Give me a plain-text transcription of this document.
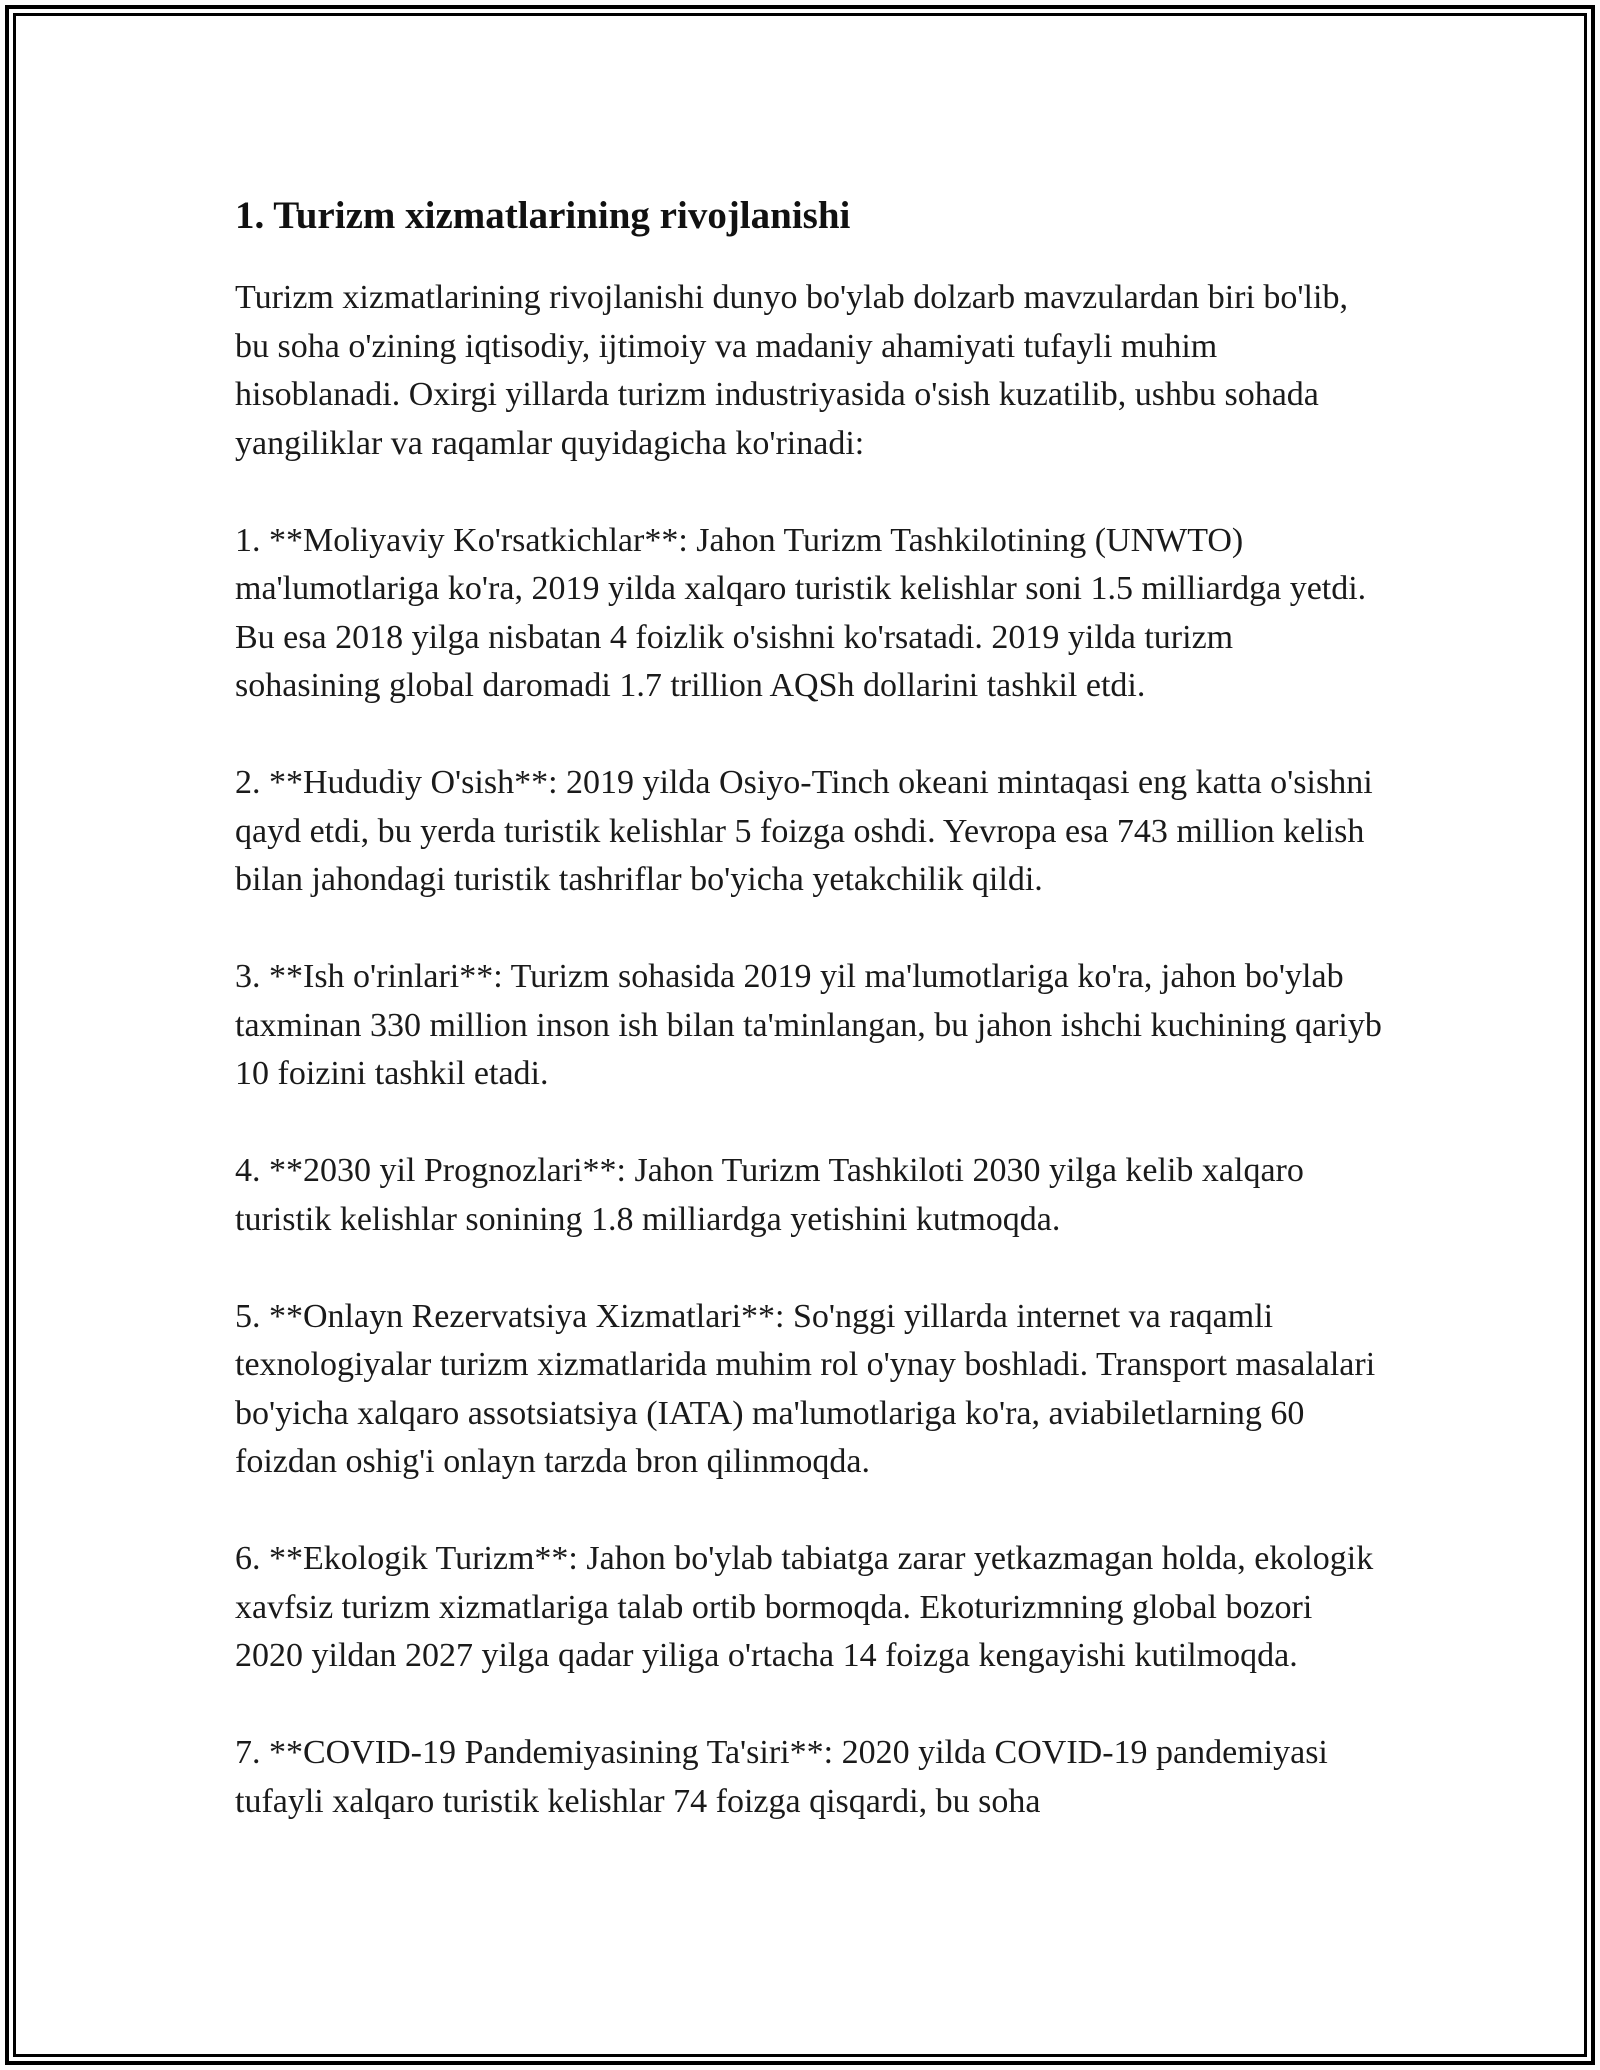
1. Turizm xizmatlarining rivojlanishi

Turizm xizmatlarining rivojlanishi dunyo bo'ylab dolzarb mavzulardan biri bo'lib, bu soha o'zining iqtisodiy, ijtimoiy va madaniy ahamiyati tufayli muhim hisoblanadi. Oxirgi yillarda turizm industriyasida o'sish kuzatilib, ushbu sohada yangiliklar va raqamlar quyidagicha ko'rinadi:

1. **Moliyaviy Ko'rsatkichlar**: Jahon Turizm Tashkilotining (UNWTO) ma'lumotlariga ko'ra, 2019 yilda xalqaro turistik kelishlar soni 1.5 milliardga yetdi. Bu esa 2018 yilga nisbatan 4 foizlik o'sishni ko'rsatadi. 2019 yilda turizm sohasining global daromadi 1.7 trillion AQSh dollarini tashkil etdi.

2. **Hududiy O'sish**: 2019 yilda Osiyo-Tinch okeani mintaqasi eng katta o'sishni qayd etdi, bu yerda turistik kelishlar 5 foizga oshdi. Yevropa esa 743 million kelish bilan jahondagi turistik tashriflar bo'yicha yetakchilik qildi.

3. **Ish o'rinlari**: Turizm sohasida 2019 yil ma'lumotlariga ko'ra, jahon bo'ylab taxminan 330 million inson ish bilan ta'minlangan, bu jahon ishchi kuchining qariyb 10 foizini tashkil etadi.

4. **2030 yil Prognozlari**: Jahon Turizm Tashkiloti 2030 yilga kelib xalqaro turistik kelishlar sonining 1.8 milliardga yetishini kutmoqda.

5. **Onlayn Rezervatsiya Xizmatlari**: So'nggi yillarda internet va raqamli texnologiyalar turizm xizmatlarida muhim rol o'ynay boshladi. Transport masalalari bo'yicha xalqaro assotsiatsiya (IATA) ma'lumotlariga ko'ra, aviabiletlarning 60 foizdan oshig'i onlayn tarzda bron qilinmoqda.

6. **Ekologik Turizm**: Jahon bo'ylab tabiatga zarar yetkazmagan holda, ekologik xavfsiz turizm xizmatlariga talab ortib bormoqda. Ekoturizmning global bozori 2020 yildan 2027 yilga qadar yiliga o'rtacha 14 foizga kengayishi kutilmoqda.

7. **COVID-19 Pandemiyasining Ta'siri**: 2020 yilda COVID-19 pandemiyasi tufayli xalqaro turistik kelishlar 74 foizga qisqardi, bu soha
